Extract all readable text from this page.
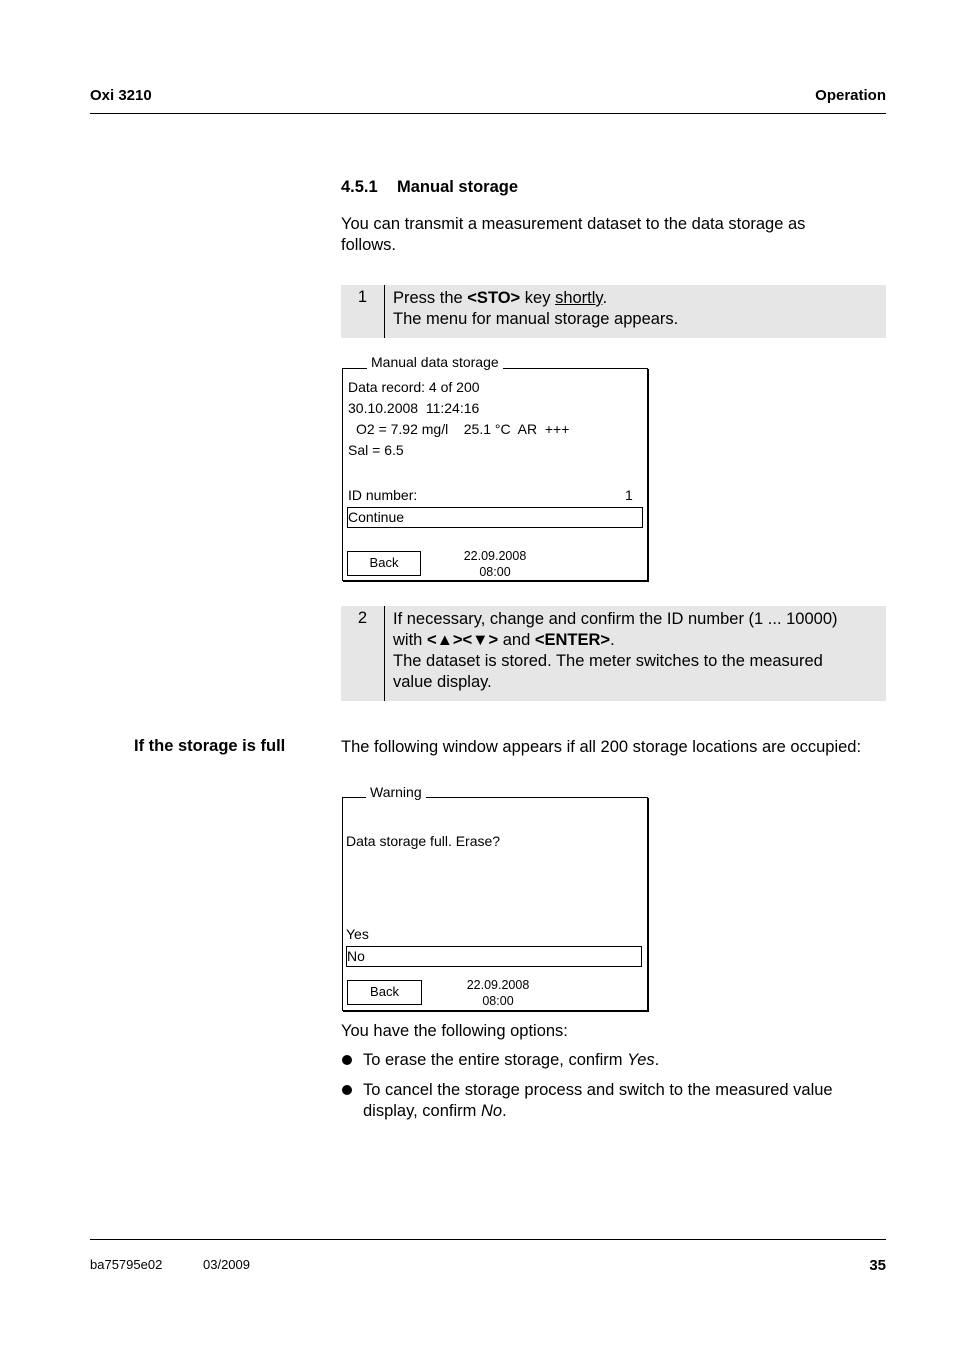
Oxi 3210	Operation
4.5.1 Manual storage
You can transmit a measurement dataset to the data storage as
follows.
1	Press the <STO> key shortly.
The menu for manual storage appears.
Manual data storage
Data record: 4 of 200
30.10.2008  11:24:16
O2 = 7.92 mg/l    25.1 °C  AR  +++
Sal = 6.5
ID number:	1
Continue
Back	22.09.2008
08:00
2	If necessary, change and confirm the ID number (1 ... 10000)
with <▲><▼> and <ENTER>.
The dataset is stored. The meter switches to the measured
value display.
If the storage is full	The following window appears if all 200 storage locations are occupied:
Warning
Data storage full. Erase?
Yes
No
Back	22.09.2008
08:00
You have the following options:
To erase the entire storage, confirm Yes.
To cancel the storage process and switch to the measured value
display, confirm No.
ba75795e02	03/2009	35
